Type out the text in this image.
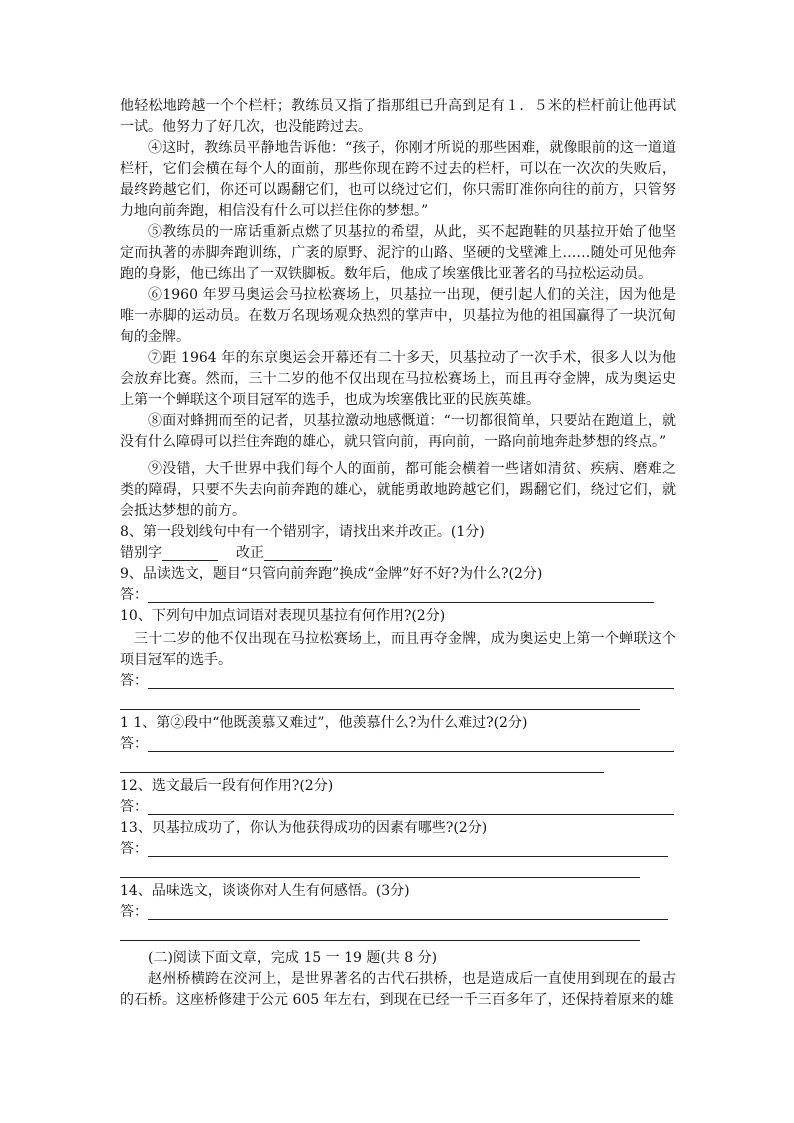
他轻松地跨越一个个栏杆；教练员又指了指那组已升高到足有１．５米的栏杆前让他再试一试。他努力了好几次，也没能跨过去。

④这时，教练员平静地告诉他：“孩子，你刚才所说的那些困难，就像眼前的这一道道栏杆，它们会横在每个人的面前，那些你现在跨不过去的栏杆，可以在一次次的失败后，最终跨越它们，你还可以踢翻它们，也可以绕过它们，你只需盯准你向往的前方，只管努力地向前奔跑，相信没有什么可以拦住你的梦想。”

⑤教练员的一席话重新点燃了贝基拉的希望，从此，买不起跑鞋的贝基拉开始了他坚定而执著的赤脚奔跑训练，广袤的原野、泥泞的山路、坚硬的戈壁滩上……随处可见他奔跑的身影，他已练出了一双铁脚板。数年后，他成了埃塞俄比亚著名的马拉松运动员。

⑥1960 年罗马奥运会马拉松赛场上，贝基拉一出现，便引起人们的关注，因为他是唯一赤脚的运动员。在数万名现场观众热烈的掌声中，贝基拉为他的祖国赢得了一块沉甸甸的金牌。

⑦距 1964 年的东京奥运会开幕还有二十多天，贝基拉动了一次手术，很多人以为他会放弃比赛。然而，三十二岁的他不仅出现在马拉松赛场上，而且再夺金牌，成为奥运史上第一个蝉联这个项目冠军的选手，也成为埃塞俄比亚的民族英雄。

⑧面对蜂拥而至的记者，贝基拉激动地感慨道：“一切都很简单，只要站在跑道上，就没有什么障碍可以拦住奔跑的雄心，就只管向前，再向前，一路向前地奔赴梦想的终点。”

⑨没错，大千世界中我们每个人的面前，都可能会横着一些诸如清贫、疾病、磨难之类的障碍，只要不失去向前奔跑的雄心，就能勇敢地跨越它们，踢翻它们，绕过它们，就会抵达梦想的前方。

8、第一段划线句中有一个错别字，请找出来并改正。(1分)

错别字	改正

9、品读选文，题目“只管向前奔跑”换成“金牌”好不好?为什么?(2分)

答：

10、下列句中加点词语对表现贝基拉有何作用?(2分)

三十二岁的他不仅出现在马拉松赛场上，而且再夺金牌，成为奥运史上第一个蝉联这个项目冠军的选手。

答：

1 1、第②段中“他既羡慕又难过”，他羡慕什么?为什么难过?(2分)

答：

12、选文最后一段有何作用?(2分)

答：

13、贝基拉成功了，你认为他获得成功的因素有哪些?(2分)

答：

14、品味选文，谈谈你对人生有何感悟。(3分)

答：

(二)阅读下面文章，完成 15 一 19 题(共 8 分)

赵州桥横跨在洨河上，是世界著名的古代石拱桥，也是造成后一直使用到现在的最古的石桥。这座桥修建于公元 605 年左右，到现在已经一千三百多年了，还保持着原来的雄
